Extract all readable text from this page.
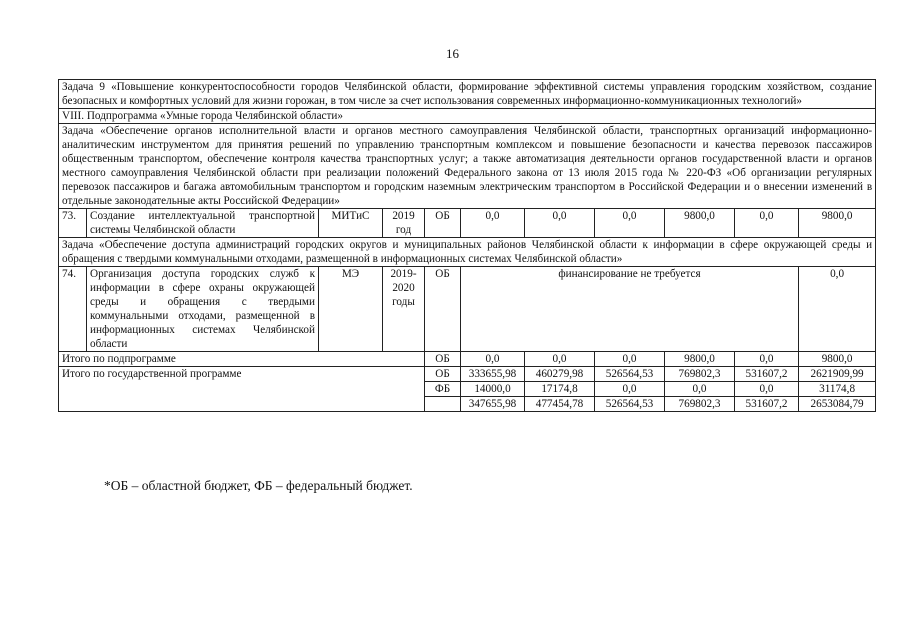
16
Задача 9 «Повышение конкурентоспособности городов Челябинской области, формирование эффективной системы управления городским хозяйством, создание безопасных и комфортных условий для жизни горожан, в том числе за счет использования современных информационно-коммуникационных технологий»										
VIII. Подпрограмма «Умные города Челябинской области»										
Задача «Обеспечение органов исполнительной власти и органов местного самоуправления Челябинской области, транспортных организаций информационно-аналитическим инструментом для принятия решений по управлению транспортным комплексом и повышение безопасности и качества перевозок пассажиров общественным транспортом, обеспечение контроля качества транспортных услуг; а также автоматизация деятельности органов государственной власти и органов местного самоуправления Челябинской области при реализации положений Федерального закона от 13 июля 2015 года № 220-ФЗ «Об организации регулярных перевозок пассажиров и багажа автомобильным транспортом и городским наземным электрическим транспортом в Российской Федерации и о внесении изменений в отдельные законодательные акты Российской Федерации»										
73.	Создание интеллектуальной транспортной системы Челябинской области	МИТиС	2019 год	ОБ	0,0	0,0	0,0	9800,0	0,0	9800,0
Задача «Обеспечение доступа администраций городских округов и муниципальных районов Челябинской области к информации в сфере окружающей среды и обращения с твердыми коммунальными отходами, размещенной в информационных системах Челябинской области»										
74.	Организация доступа городских служб к информации в сфере охраны окружающей среды и обращения с твердыми коммунальными отходами, размещенной в информационных системах Челябинской области	МЭ	2019-2020 годы	ОБ	финансирование не требуется					0,0
Итого по подпрограмме				ОБ	0,0	0,0	0,0	9800,0	0,0	9800,0
Итого по государственной программе				ОБ	333655,98	460279,98	526564,53	769802,3	531607,2	2621909,99
				ФБ	14000,0	17174,8	0,0	0,0	0,0	31174,8
					347655,98	477454,78	526564,53	769802,3	531607,2	2653084,79
*ОБ – областной бюджет, ФБ – федеральный бюджет.
